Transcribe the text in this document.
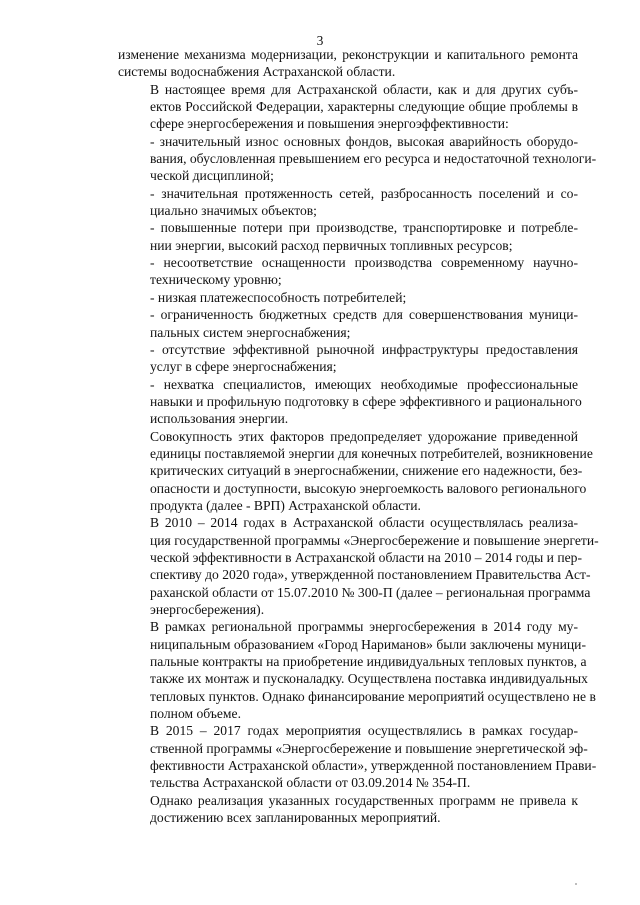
3
изменение механизма модернизации, реконструкции и капитального ремонта
системы водоснабжения Астраханской области.
В настоящее время для Астраханской области, как и для других субъ-
ектов Российской Федерации, характерны следующие общие проблемы в
сфере энергосбережения и повышения энергоэффективности:
- значительный износ основных фондов, высокая аварийность оборудо-
вания, обусловленная превышением его ресурса и недостаточной технологи-
ческой дисциплиной;
- значительная протяженность сетей, разбросанность поселений и со-
циально значимых объектов;
- повышенные потери при производстве, транспортировке и потребле-
нии энергии, высокий расход первичных топливных ресурсов;
- несоответствие оснащенности производства современному научно-
техническому уровню;
- низкая платежеспособность потребителей;
- ограниченность бюджетных средств для совершенствования муници-
пальных систем энергоснабжения;
- отсутствие эффективной рыночной инфраструктуры предоставления
услуг в сфере энергоснабжения;
- нехватка специалистов, имеющих необходимые профессиональные
навыки и профильную подготовку в сфере эффективного и рационального
использования энергии.
Совокупность этих факторов предопределяет удорожание приведенной
единицы поставляемой энергии для конечных потребителей, возникновение
критических ситуаций в энергоснабжении, снижение его надежности, без-
опасности и доступности, высокую энергоемкость валового регионального
продукта (далее - ВРП) Астраханской области.
В 2010 – 2014 годах в Астраханской области осуществлялась реализа-
ция государственной программы «Энергосбережение и повышение энергети-
ческой эффективности в Астраханской области на 2010 – 2014 годы и пер-
спективу до 2020 года», утвержденной постановлением Правительства Аст-
раханской области от 15.07.2010 № 300-П (далее – региональная программа
энергосбережения).
В рамках региональной программы энергосбережения в 2014 году му-
ниципальным образованием «Город Нариманов» были заключены муници-
пальные контракты на приобретение индивидуальных тепловых пунктов, а
также их монтаж и пусконаладку. Осуществлена поставка индивидуальных
тепловых пунктов. Однако финансирование мероприятий осуществлено не в
полном объеме.
В 2015 – 2017 годах мероприятия осуществлялись в рамках государ-
ственной программы «Энергосбережение и повышение энергетической эф-
фективности Астраханской области», утвержденной постановлением Прави-
тельства Астраханской области от 03.09.2014 № 354-П.
Однако реализация указанных государственных программ не привела к
достижению всех запланированных мероприятий.
